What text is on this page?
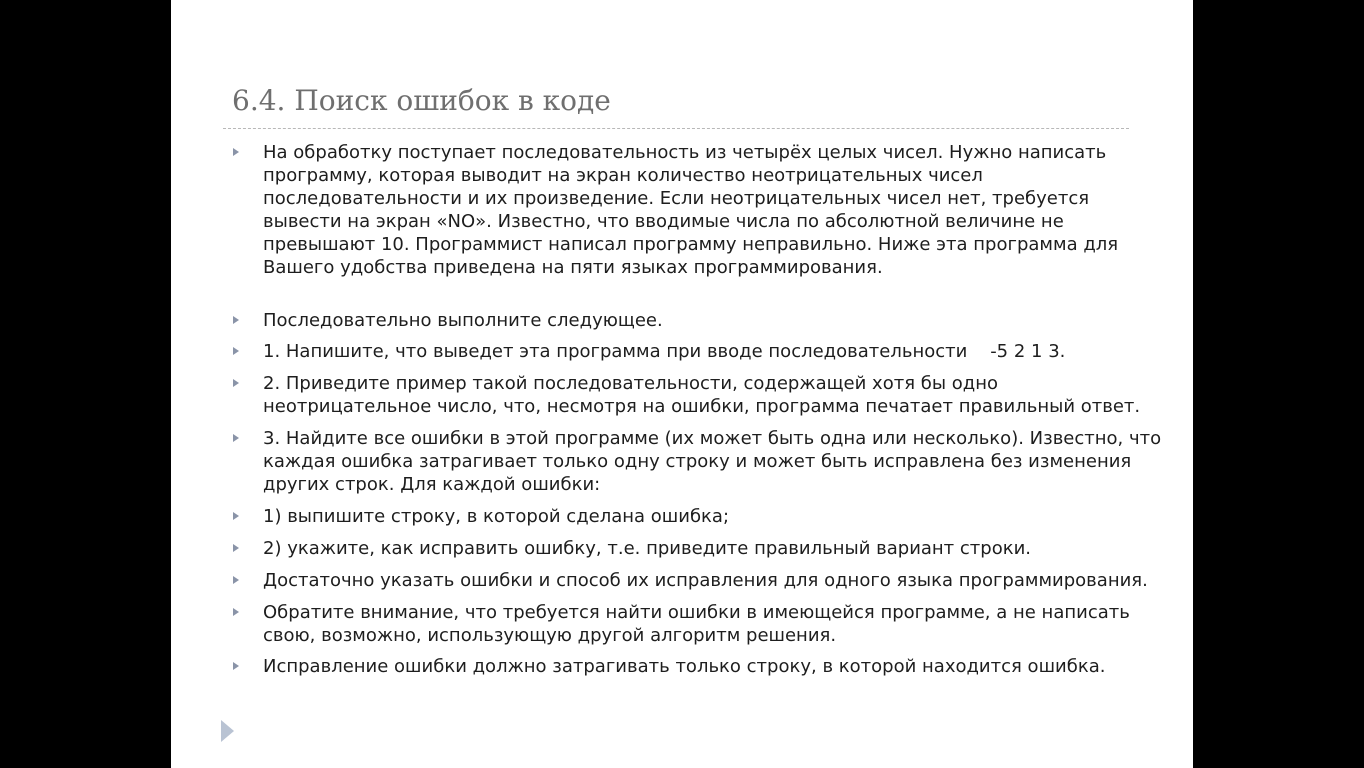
6.4. Поиск ошибок в коде
На обработку поступает последовательность из четырёх целых чисел. Нужно написать программу, которая выводит на экран количество неотрицательных чисел последовательности и их произведение. Если неотрицательных чисел нет, требуется вывести на экран «NO». Известно, что вводимые числа по абсолютной величине не превышают 10. Программист написал программу неправильно. Ниже эта программа для Вашего удобства приведена на пяти языках программирования.
Последовательно выполните следующее.
1. Напишите, что выведет эта программа при вводе последовательности    -5 2 1 3.
2. Приведите пример такой последовательности, содержащей хотя бы одно неотрицательное число, что, несмотря на ошибки, программа печатает правильный ответ.
3. Найдите все ошибки в этой программе (их может быть одна или несколько). Известно, что каждая ошибка затрагивает только одну строку и может быть исправлена без изменения других строк. Для каждой ошибки:
1) выпишите строку, в которой сделана ошибка;
2) укажите, как исправить ошибку, т.е. приведите правильный вариант строки.
Достаточно указать ошибки и способ их исправления для одного языка программирования.
Обратите внимание, что требуется найти ошибки в имеющейся программе, а не написать свою, возможно, использующую другой алгоритм решения.
Исправление ошибки должно затрагивать только строку, в которой находится ошибка.
